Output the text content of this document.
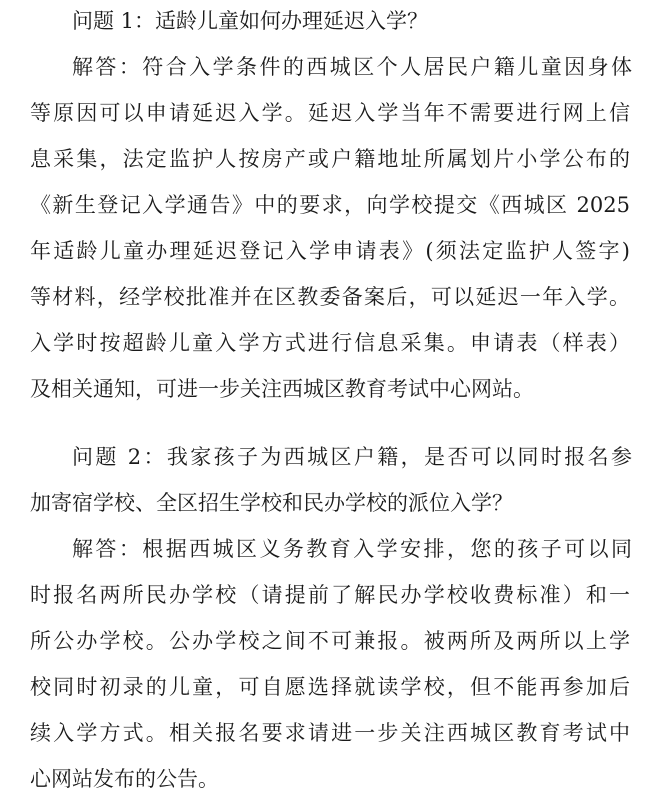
问题 1：适龄儿童如何办理延迟入学？
解答：符合入学条件的西城区个人居民户籍儿童因身体
等原因可以申请延迟入学。延迟入学当年不需要进行网上信
息采集，法定监护人按房产或户籍地址所属划片小学公布的
《新生登记入学通告》中的要求，向学校提交《西城区 2025
年适龄儿童办理延迟登记入学申请表》(须法定监护人签字)
等材料，经学校批准并在区教委备案后，可以延迟一年入学。
入学时按超龄儿童入学方式进行信息采集。申请表（样表）
及相关通知，可进一步关注西城区教育考试中心网站。
问题 2：我家孩子为西城区户籍，是否可以同时报名参
加寄宿学校、全区招生学校和民办学校的派位入学？
解答：根据西城区义务教育入学安排，您的孩子可以同
时报名两所民办学校（请提前了解民办学校收费标准）和一
所公办学校。公办学校之间不可兼报。被两所及两所以上学
校同时初录的儿童，可自愿选择就读学校，但不能再参加后
续入学方式。相关报名要求请进一步关注西城区教育考试中
心网站发布的公告。
